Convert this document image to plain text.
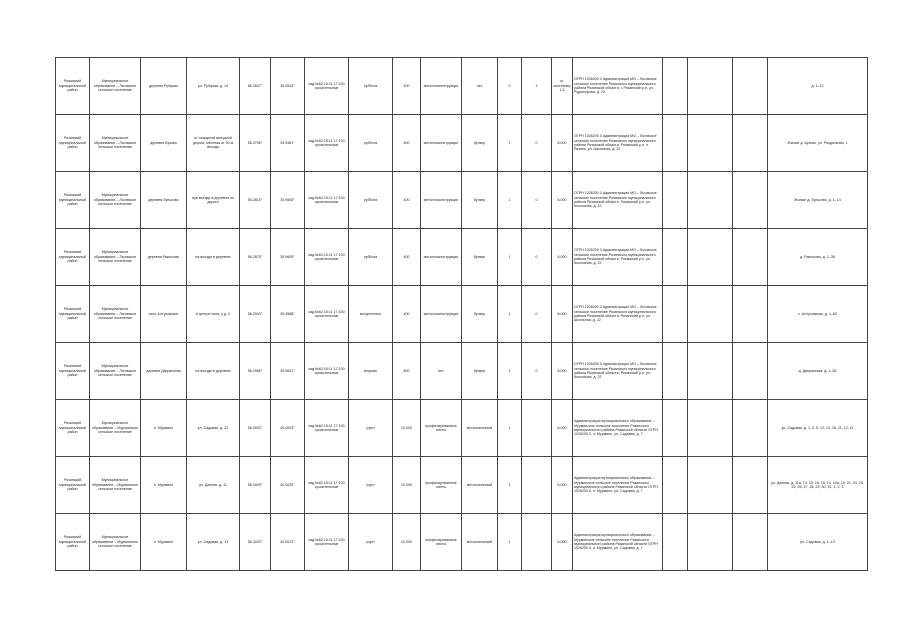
Рязанский муниципальный район	Муниципальное образование – Льговское сельское поселение	деревня Рубцово	ул. Рубцова, д. 14	56.2637°	39.9525°	кад.№62:15:11 17:100 оросительные	суббота	400	металлоконструкции	нет	0	1	м. контейнер 1.5	ОГРН 1026200 0 Администрация МО – Льговское сельское поселение Рязанского муниципального района Рязанской области, г. Рязанский р-н, ул. Рудольфова, д. 22				д. 1–12
Рязанский муниципальный район	Муниципальное образование – Льговское сельское поселение	деревня Бузово	от пожарной въездной дороги, местная от 50 м въезда	56.2756°	39.9481°	кад.№62:15:11 17:100 оросительные	суббота	400	металлоконструкции	бункер	1	0	8,000	ОГРН 1026200 0 Администрация МО – Льговское сельское поселение Рязанского муниципального района Рязанской области, Рязанский р-н, п. Рязань, ул. Школьная, д. 22				Жилые д. Бузово, ул. Раздольная, 1
Рязанский муниципальный район	Муниципальное образование – Льговское сельское поселение	деревня Зуньково	при въезде в деревню по дороге	56.2815°	39.9506°	кад.№62:15:11 17:100 оросительные	суббота	400	металлоконструкции	бункер	1	0	8,000	ОГРН 1026200 0 Администрация МО – Льговское сельское поселение Рязанского муниципального района Рязанской области, Рязанский р-н, ул. Колхозная, д. 22				Жилые д. Зуньково, д. 1–14
Рязанский муниципальный район	Муниципальное образование – Льговское сельское поселение	деревня Ракешово	на въезде в деревню	56.2875°	39.9605°	кад.№62:15:11 17:100 оросительные	суббота	400	металлоконструкции	бункер	1	0	8,000	ОГРН 1026200 0 Администрация МО – Льговское сельское поселение Рязанского муниципального района Рязанской области, Рязанский р-н, ул. Колхозная, д. 22				д. Ракешово, д. 1–36
Рязанский муниципальный район	Муниципальное образование – Льговское сельское поселение	село Алтуховское	в центре села, у д. 2	56.2903°	39.9588°	кад.№62:15:11 17:100 оросительные	воскресенье	400	металлоконструкции	бункер	1	0	8,000	ОГРН 1026200 0 Администрация МО – Льговское сельское поселение Рязанского муниципального района Рязанской области, Рязанский р-н, ул. Школьная, д. 22				с. Алтуховское, д. 1–82
Рязанский муниципальный район	Муниципальное образование – Льговское сельское поселение	деревня Дворянская	на въезде в деревню	56.2966°	39.9631°	кад.№62:15:11 17:100 оросительные	вторник	400	нет	бункер	1	0	8,000	ОГРН 1026200 0 Администрация МО – Льговское сельское поселение Рязанского муниципального района Рязанской области, Рязанский р-н, ул. Колхозная, д. 22				д. Дворянская, д. 1–36
Рязанский муниципальный район	Муниципальное образование – Мурминское сельское поселение	п. Мурмино	ул. Садовая, д. 22	56.3003°	40.0003°	кад.№62:15:11 17:100 оросительные	грунт	10,000	профилированные листы	металлический	1		8,000	Администрация муниципального образования – Мурминское сельское поселение Рязанского муниципального района Рязанской области ОГРН 1026200 0, п. Мурмино, ул. Садовая, д. 7				ул. Садовая, д. 1–3, 5, 12, 14, 16, 11, 12, 11
Рязанский муниципальный район	Муниципальное образование – Мурминское сельское поселение	п. Мурмино	ул. Дачная, д. 11	56.3009°	40.0025°	кад.№62:15:11 17:100 оросительные	грунт	10,000	профилированные листы	металлический	1		8,000	Администрация муниципального образования – Мурминское сельское поселение Рязанского муниципального района Рязанской области ОГРН 1026200 0, п. Мурмино, ул. Садовая, д. 7				ул. Дачная, д. 11а, 13, 15, 16, 15, 14, 19а, 19, 21, 23, 24, 25, 26, 27, 28, 29, 30, 31, 1, 2, 3
Рязанский муниципальный район	Муниципальное образование – Мурминское сельское поселение	п. Мурмино	ул. Садовая, д. 13	56.3033°	40.0013°	кад.№62:15:11 17:100 оросительные	грунт	10,000	профилированные листы	металлический	1		8,000	Администрация муниципального образования – Мурминское сельское поселение Рязанского муниципального района Рязанской области ОГРН 1026200 0, п. Мурмино, ул. Садовая, д. 7				ул. Садовая, д. 1–13
